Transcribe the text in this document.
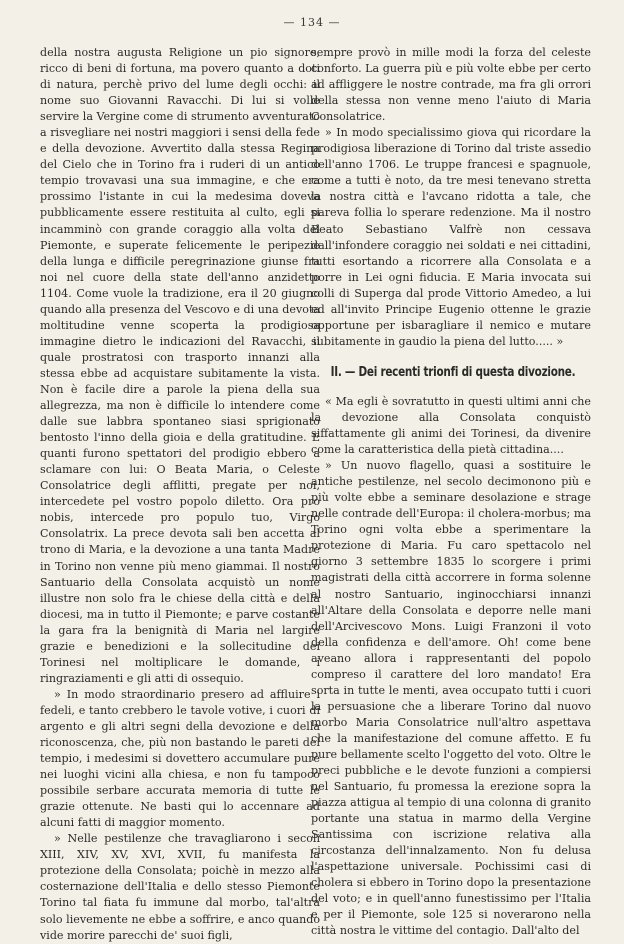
— 134 —

della nostra augusta Religione un pio signore, ricco di beni di fortuna, ma povero quanto a doti di natura, perchè privo del lume degli occhi: il nome suo Giovanni Ravacchi. Di lui si volle servire la Vergine come di strumento avventurato a risvegliare nei nostri maggiori i sensi della fede e della devozione. Avvertito dalla stessa Regina del Cielo che in Torino fra i ruderi di un antico tempio trovavasi una sua immagine, e che era prossimo l'istante in cui la medesima doveva pubblicamente essere restituita al culto, egli si incamminò con grande coraggio alla volta del Piemonte, e superate felicemente le peripezie della lunga e difficile peregrinazione giunse fra noi nel cuore della state dell'anno anzidetto 1104. Come vuole la tradizione, era il 20 giugno quando alla presenza del Vescovo e di una devota moltitudine venne scoperta la prodigiosa immagine dietro le indicazioni del Ravacchi, il quale prostratosi con trasporto innanzi alla stessa ebbe ad acquistare subitamente la vista. Non è facile dire a parole la piena della sua allegrezza, ma non è difficile lo intendere come dalle sue labbra spontaneo siasi sprigionato bentosto l'inno della gioia e della gratitudine. E quanti furono spettatori del prodigio ebbero a sclamare con lui: O Beata Maria, o Celeste Consolatrice degli afflitti, pregate per noi, intercedete pel vostro popolo diletto. Ora pro nobis, intercede pro populo tuo, Virgo Consolatrix. La prece devota sali ben accetta al trono di Maria, e la devozione a una tanta Madre in Torino non venne più meno giammai. Il nostro Santuario della Consolata acquistò un nome illustre non solo fra le chiese della città e della diocesi, ma in tutto il Piemonte; e parve costante la gara fra la benignità di Maria nel largire grazie e benedizioni e la sollecitudine dei Torinesi nel moltiplicare le domande, i ringraziamenti e gli atti di ossequio.

» In modo straordinario presero ad affluire i fedeli, e tanto crebbero le tavole votive, i cuori di argento e gli altri segni della devozione e della riconoscenza, che, più non bastando le pareti del tempio, i medesimi si dovettero accumulare pure nei luoghi vicini alla chiesa, e non fu tampoco possibile serbare accurata memoria di tutte le grazie ottenute. Ne basti qui lo accennare ad alcuni fatti di maggior momento.

» Nelle pestilenze che travagliarono i secoli XIII, XIV, XV, XVI, XVII, fu manifesta la protezione della Consolata; poichè in mezzo alla costernazione dell'Italia e dello stesso Piemonte Torino tal fiata fu immune dal morbo, tal'altra solo lievemente ne ebbe a soffrire, e anco quando vide morire parecchi de' suoi figli,

sempre provò in mille modi la forza del celeste conforto. La guerra più e più volte ebbe per certo ad affliggere le nostre contrade, ma fra gli orrori della stessa non venne meno l'aiuto di Maria Consolatrice.

» In modo specialissimo giova qui ricordare la prodigiosa liberazione di Torino dal triste assedio dell'anno 1706. Le truppe francesi e spagnuole, come a tutti è noto, da tre mesi tenevano stretta la nostra città e l'avcano ridotta a tale, che pareva follia lo sperare redenzione. Ma il nostro Beato Sebastiano Valfrè non cessava dall'infondere coraggio nei soldati e nei cittadini, tutti esortando a ricorrere alla Consolata e a porre in Lei ogni fiducia. E Maria invocata sui colli di Superga dal prode Vittorio Amedeo, a lui ed all'invito Principe Eugenio ottenne le grazie opportune per isbaragliare il nemico e mutare subitamente in gaudio la piena del lutto..... »

II. — Dei recenti trionfi di questa divozione.

« Ma egli è sovratutto in questi ultimi anni che la devozione alla Consolata conquistò siffattamente gli animi dei Torinesi, da divenire come la caratteristica della pietà cittadina....

» Un nuovo flagello, quasi a sostituire le antiche pestilenze, nel secolo decimonono più e più volte ebbe a seminare desolazione e strage nelle contrade dell'Europa: il cholera-morbus; ma Torino ogni volta ebbe a sperimentare la protezione di Maria. Fu caro spettacolo nel giorno 3 settembre 1835 lo scorgere i primi magistrati della città accorrere in forma solenne al nostro Santuario, inginocchiarsi innanzi all'Altare della Consolata e deporre nelle mani dell'Arcivescovo Mons. Luigi Franzoni il voto della confidenza e dell'amore. Oh! come bene aveano allora i rappresentanti del popolo compreso il carattere del loro mandato! Era sorta in tutte le menti, avea occupato tutti i cuori la persuasione che a liberare Torino dal nuovo morbo Maria Consolatrice null'altro aspettava che la manifestazione del comune affetto. E fu pure bellamente scelto l'oggetto del voto. Oltre le preci pubbliche e le devote funzioni a compiersi nel Santuario, fu promessa la erezione sopra la piazza attigua al tempio di una colonna di granito portante una statua in marmo della Vergine Santissima con iscrizione relativa alla circostanza dell'innalzamento. Non fu delusa l'aspettazione universale. Pochissimi casi di cholera si ebbero in Torino dopo la presentazione del voto; e in quell'anno funestissimo per l'Italia e per il Piemonte, sole 125 si noverarono nella città nostra le vittime del contagio. Dall'alto del
